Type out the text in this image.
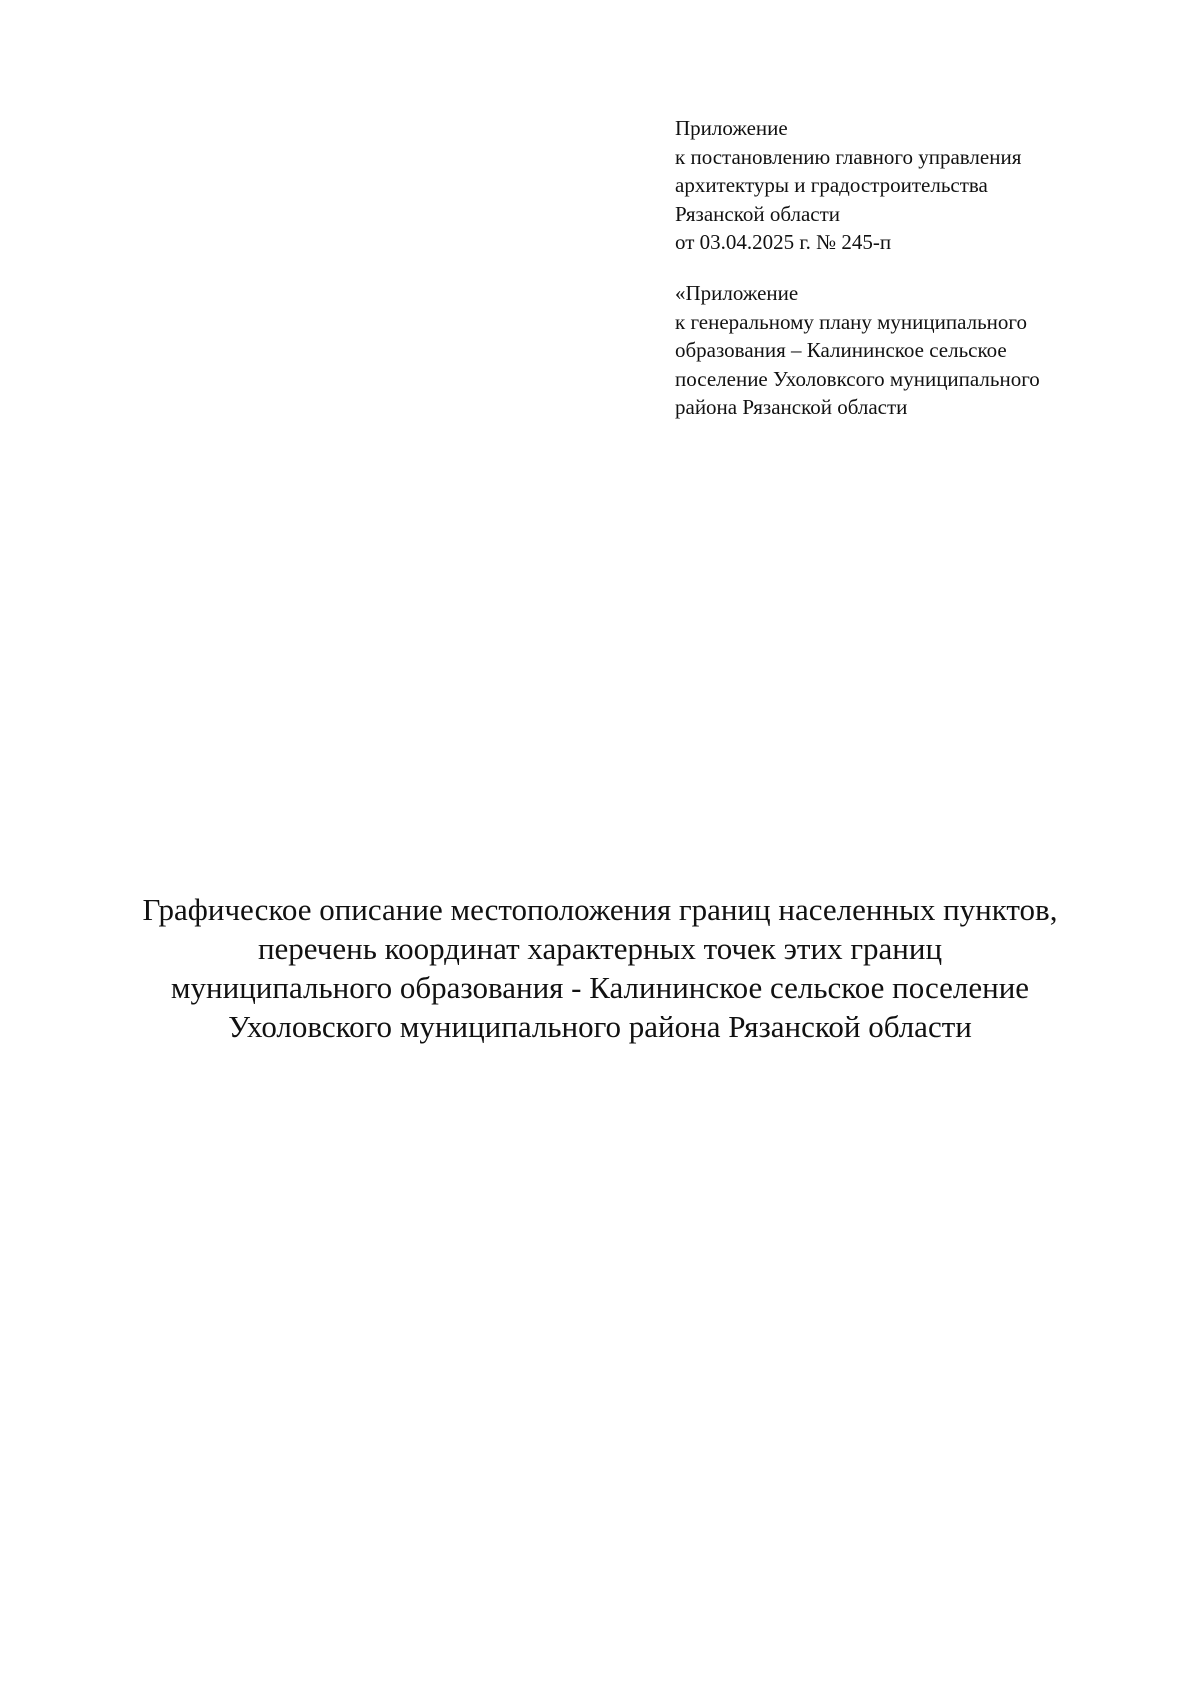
Приложение
к постановлению главного управления
архитектуры и градостроительства
Рязанской области
от 03.04.2025 г. № 245-п
«Приложение
к генеральному плану муниципального
образования – Калининское сельское
поселение Ухоловксого муниципального
района Рязанской области
Графическое описание местоположения границ населенных пунктов,
перечень координат характерных точек этих границ
муниципального образования - Калининское сельское поселение
Ухоловского муниципального района Рязанской области
